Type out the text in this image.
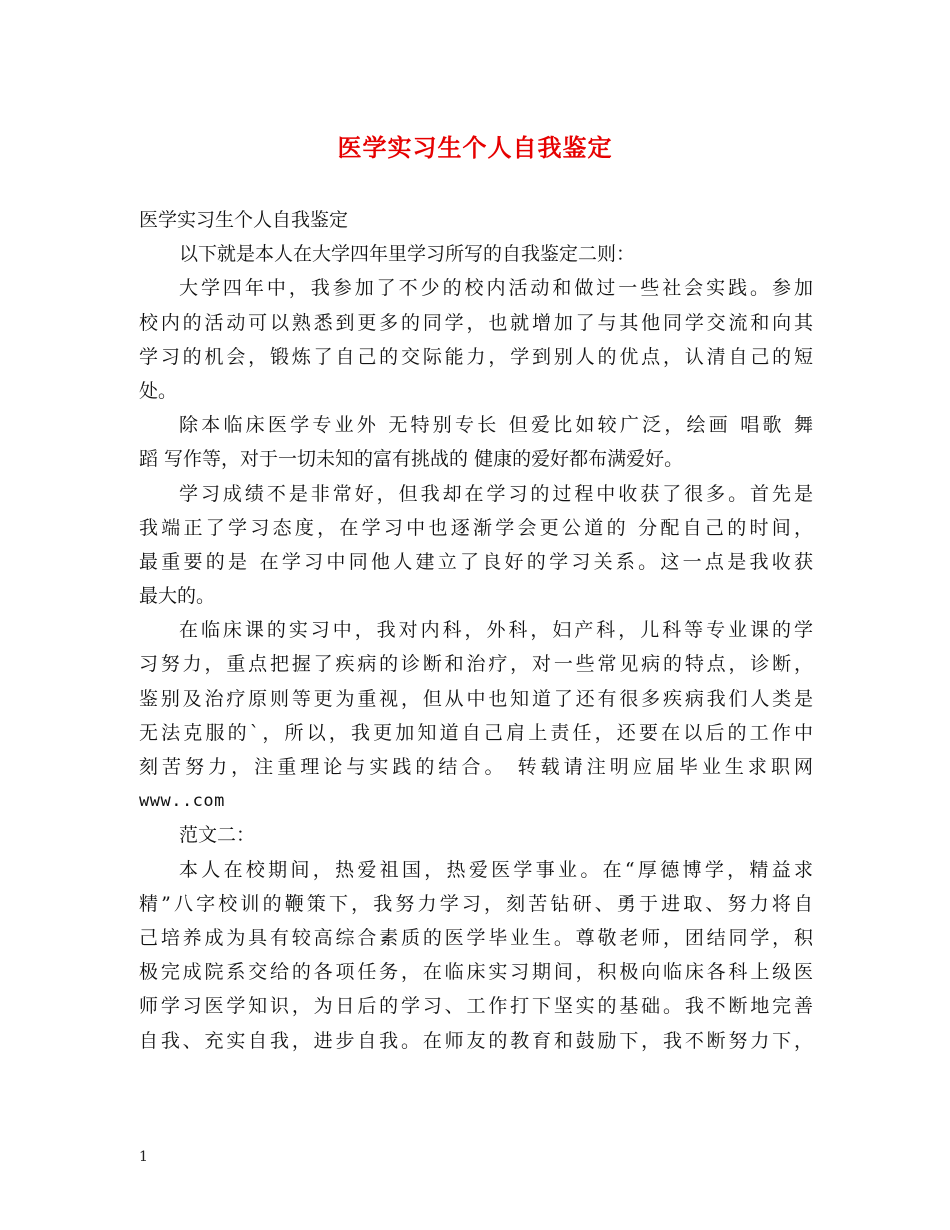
医学实习生个人自我鉴定
医学实习生个人自我鉴定
以下就是本人在大学四年里学习所写的自我鉴定二则：
大学四年中，我参加了不少的校内活动和做过一些社会实践。参加
校内的活动可以熟悉到更多的同学，也就增加了与其他同学交流和向其
学习的机会，锻炼了自己的交际能力，学到别人的优点，认清自己的短
处。
除本临床医学专业外 无特别专长 但爱比如较广泛，绘画 唱歌 舞
蹈 写作等，对于一切未知的富有挑战的 健康的爱好都布满爱好。
学习成绩不是非常好，但我却在学习的过程中收获了很多。首先是
我端正了学习态度，在学习中也逐渐学会更公道的 分配自己的时间，
最重要的是 在学习中同他人建立了良好的学习关系。这一点是我收获
最大的。
在临床课的实习中，我对内科，外科，妇产科，儿科等专业课的学
习努力，重点把握了疾病的诊断和治疗，对一些常见病的特点，诊断，
鉴别及治疗原则等更为重视，但从中也知道了还有很多疾病我们人类是
无法克服的`，所以，我更加知道自己肩上责任，还要在以后的工作中
刻苦努力，注重理论与实践的结合。 转载请注明应届毕业生求职网
www..com
范文二：
本人在校期间，热爱祖国，热爱医学事业。在“厚德博学，精益求
精”八字校训的鞭策下，我努力学习，刻苦钻研、勇于进取、努力将自
己培养成为具有较高综合素质的医学毕业生。尊敬老师，团结同学，积
极完成院系交给的各项任务，在临床实习期间，积极向临床各科上级医
师学习医学知识，为日后的学习、工作打下坚实的基础。我不断地完善
自我、充实自我，进步自我。在师友的教育和鼓励下，我不断努力下，
1
